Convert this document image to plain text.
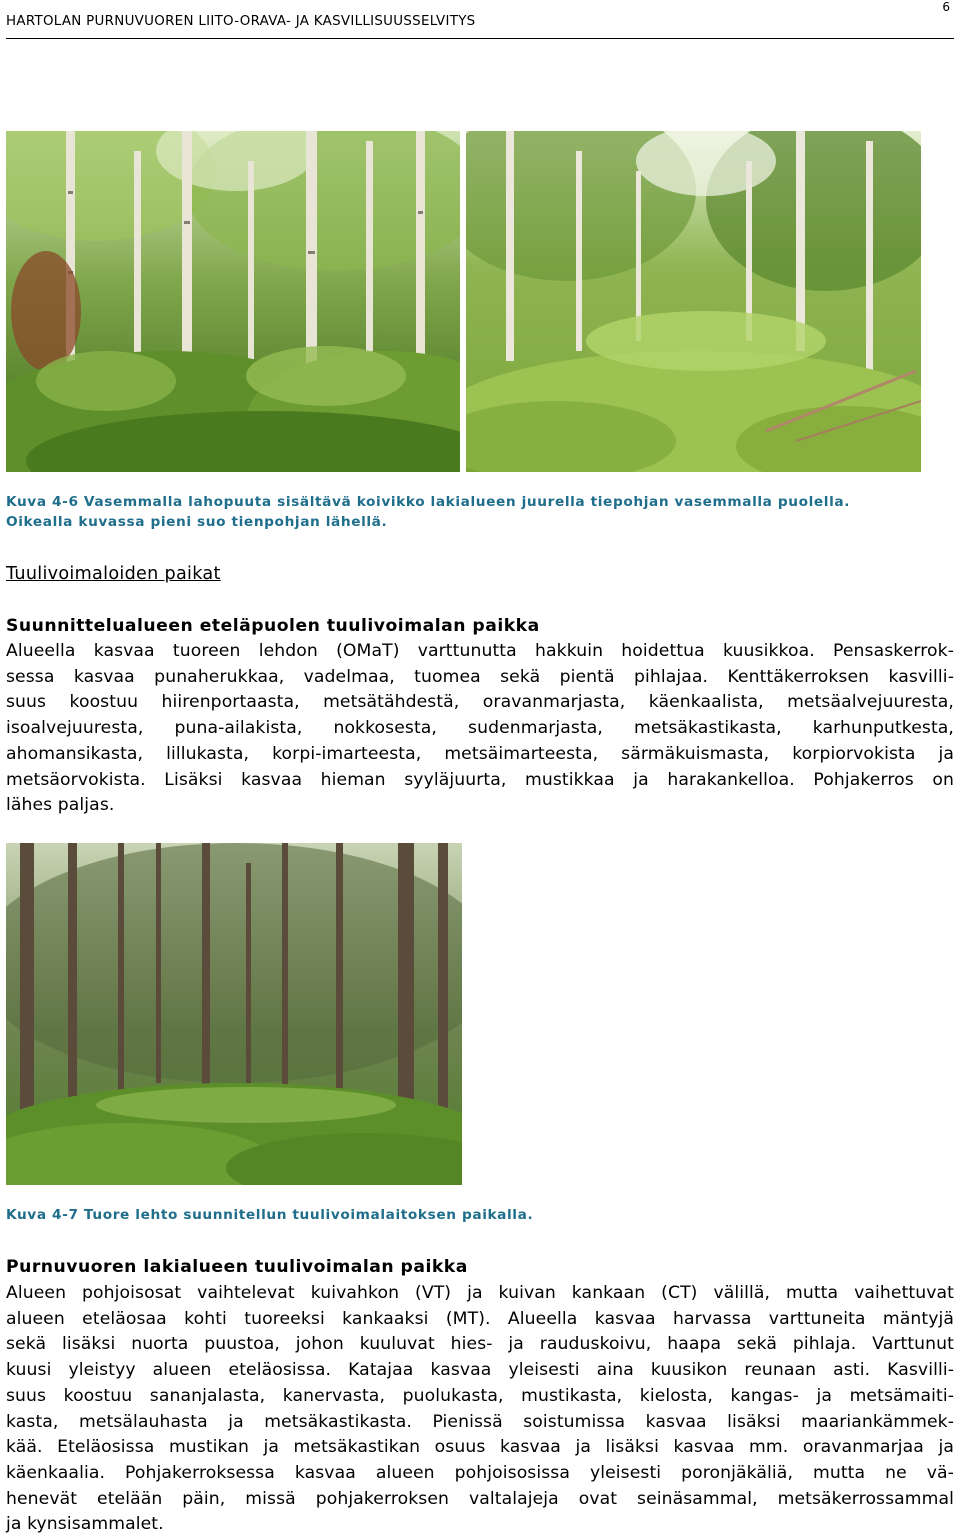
HARTOLAN PURNUVUOREN LIITO-ORAVA- JA KASVILLISUUSSELVITYS
6
Kuva 4-6 Vasemmalla lahopuuta sisältävä koivikko lakialueen juurella tiepohjan vasemmalla puolella.
Oikealla kuvassa pieni suo tienpohjan lähellä.
Tuulivoimaloiden paikat
Suunnittelualueen eteläpuolen tuulivoimalan paikka
Alueella kasvaa tuoreen lehdon (OMaT) varttunutta hakkuin hoidettua kuusikkoa. Pensaskerrok-
sessa kasvaa punaherukkaa, vadelmaa, tuomea sekä pientä pihlajaa. Kenttäkerroksen kasvilli-
suus koostuu hiirenportaasta, metsätähdestä, oravanmarjasta, käenkaalista, metsäalvejuuresta,
isoalvejuuresta, puna-ailakista, nokkosesta, sudenmarjasta, metsäkastikasta, karhunputkesta,
ahomansikasta, lillukasta, korpi-imarteesta, metsäimarteesta, särmäkuismasta, korpiorvokista ja
metsäorvokista. Lisäksi kasvaa hieman syyläjuurta, mustikkaa ja harakankelloa. Pohjakerros on
lähes paljas.
Kuva 4-7 Tuore lehto suunnitellun tuulivoimalaitoksen paikalla.
Purnuvuoren lakialueen tuulivoimalan paikka
Alueen pohjoisosat vaihtelevat kuivahkon (VT) ja kuivan kankaan (CT) välillä, mutta vaihettuvat
alueen eteläosaa kohti tuoreeksi kankaaksi (MT). Alueella kasvaa harvassa varttuneita mäntyjä
sekä lisäksi nuorta puustoa, johon kuuluvat hies- ja rauduskoivu, haapa sekä pihlaja. Varttunut
kuusi yleistyy alueen eteläosissa. Katajaa kasvaa yleisesti aina kuusikon reunaan asti. Kasvilli-
suus koostuu sananjalasta, kanervasta, puolukasta, mustikasta, kielosta, kangas- ja metsämaiti-
kasta, metsälauhasta ja metsäkastikasta. Pienissä soistumissa kasvaa lisäksi maariankämmek-
kää. Eteläosissa mustikan ja metsäkastikan osuus kasvaa ja lisäksi kasvaa mm. oravanmarjaa ja
käenkaalia. Pohjakerroksessa kasvaa alueen pohjoisosissa yleisesti poronjäkäliä, mutta ne vä-
henevät etelään päin, missä pohjakerroksen valtalajeja ovat seinäsammal, metsäkerrossammal
ja kynsisammalet.
